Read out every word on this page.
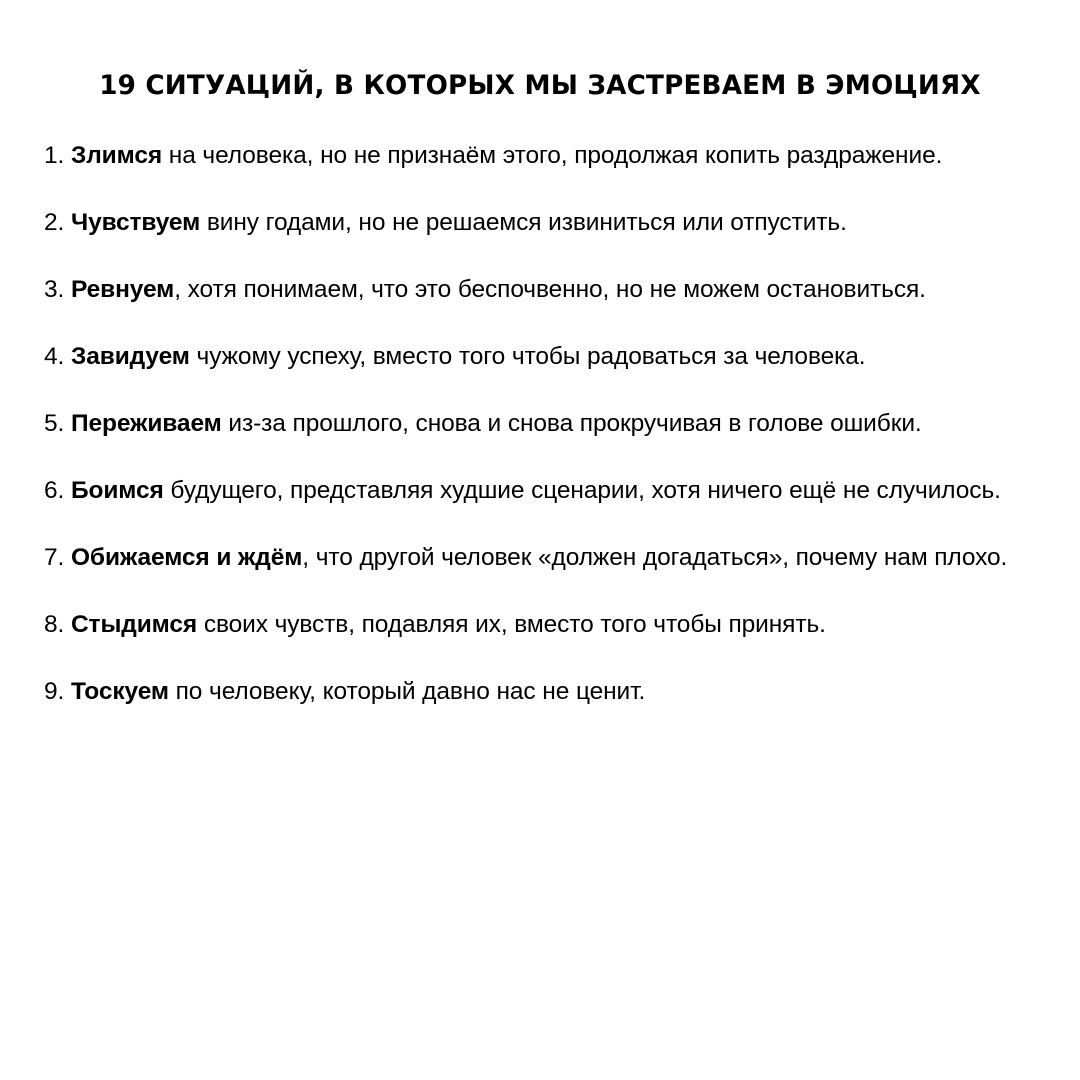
19 СИТУАЦИЙ, В КОТОРЫХ МЫ ЗАСТРЕВАЕМ В ЭМОЦИЯХ
1. Злимся на человека, но не признаём этого, продолжая копить раздражение.
2. Чувствуем вину годами, но не решаемся извиниться или отпустить.
3. Ревнуем, хотя понимаем, что это беспочвенно, но не можем остановиться.
4. Завидуем чужому успеху, вместо того чтобы радоваться за человека.
5. Переживаем из-за прошлого, снова и снова прокручивая в голове ошибки.
6. Боимся будущего, представляя худшие сценарии, хотя ничего ещё не случилось.
7. Обижаемся и ждём, что другой человек «должен догадаться», почему нам плохо.
8. Стыдимся своих чувств, подавляя их, вместо того чтобы принять.
9. Тоскуем по человеку, который давно нас не ценит.
